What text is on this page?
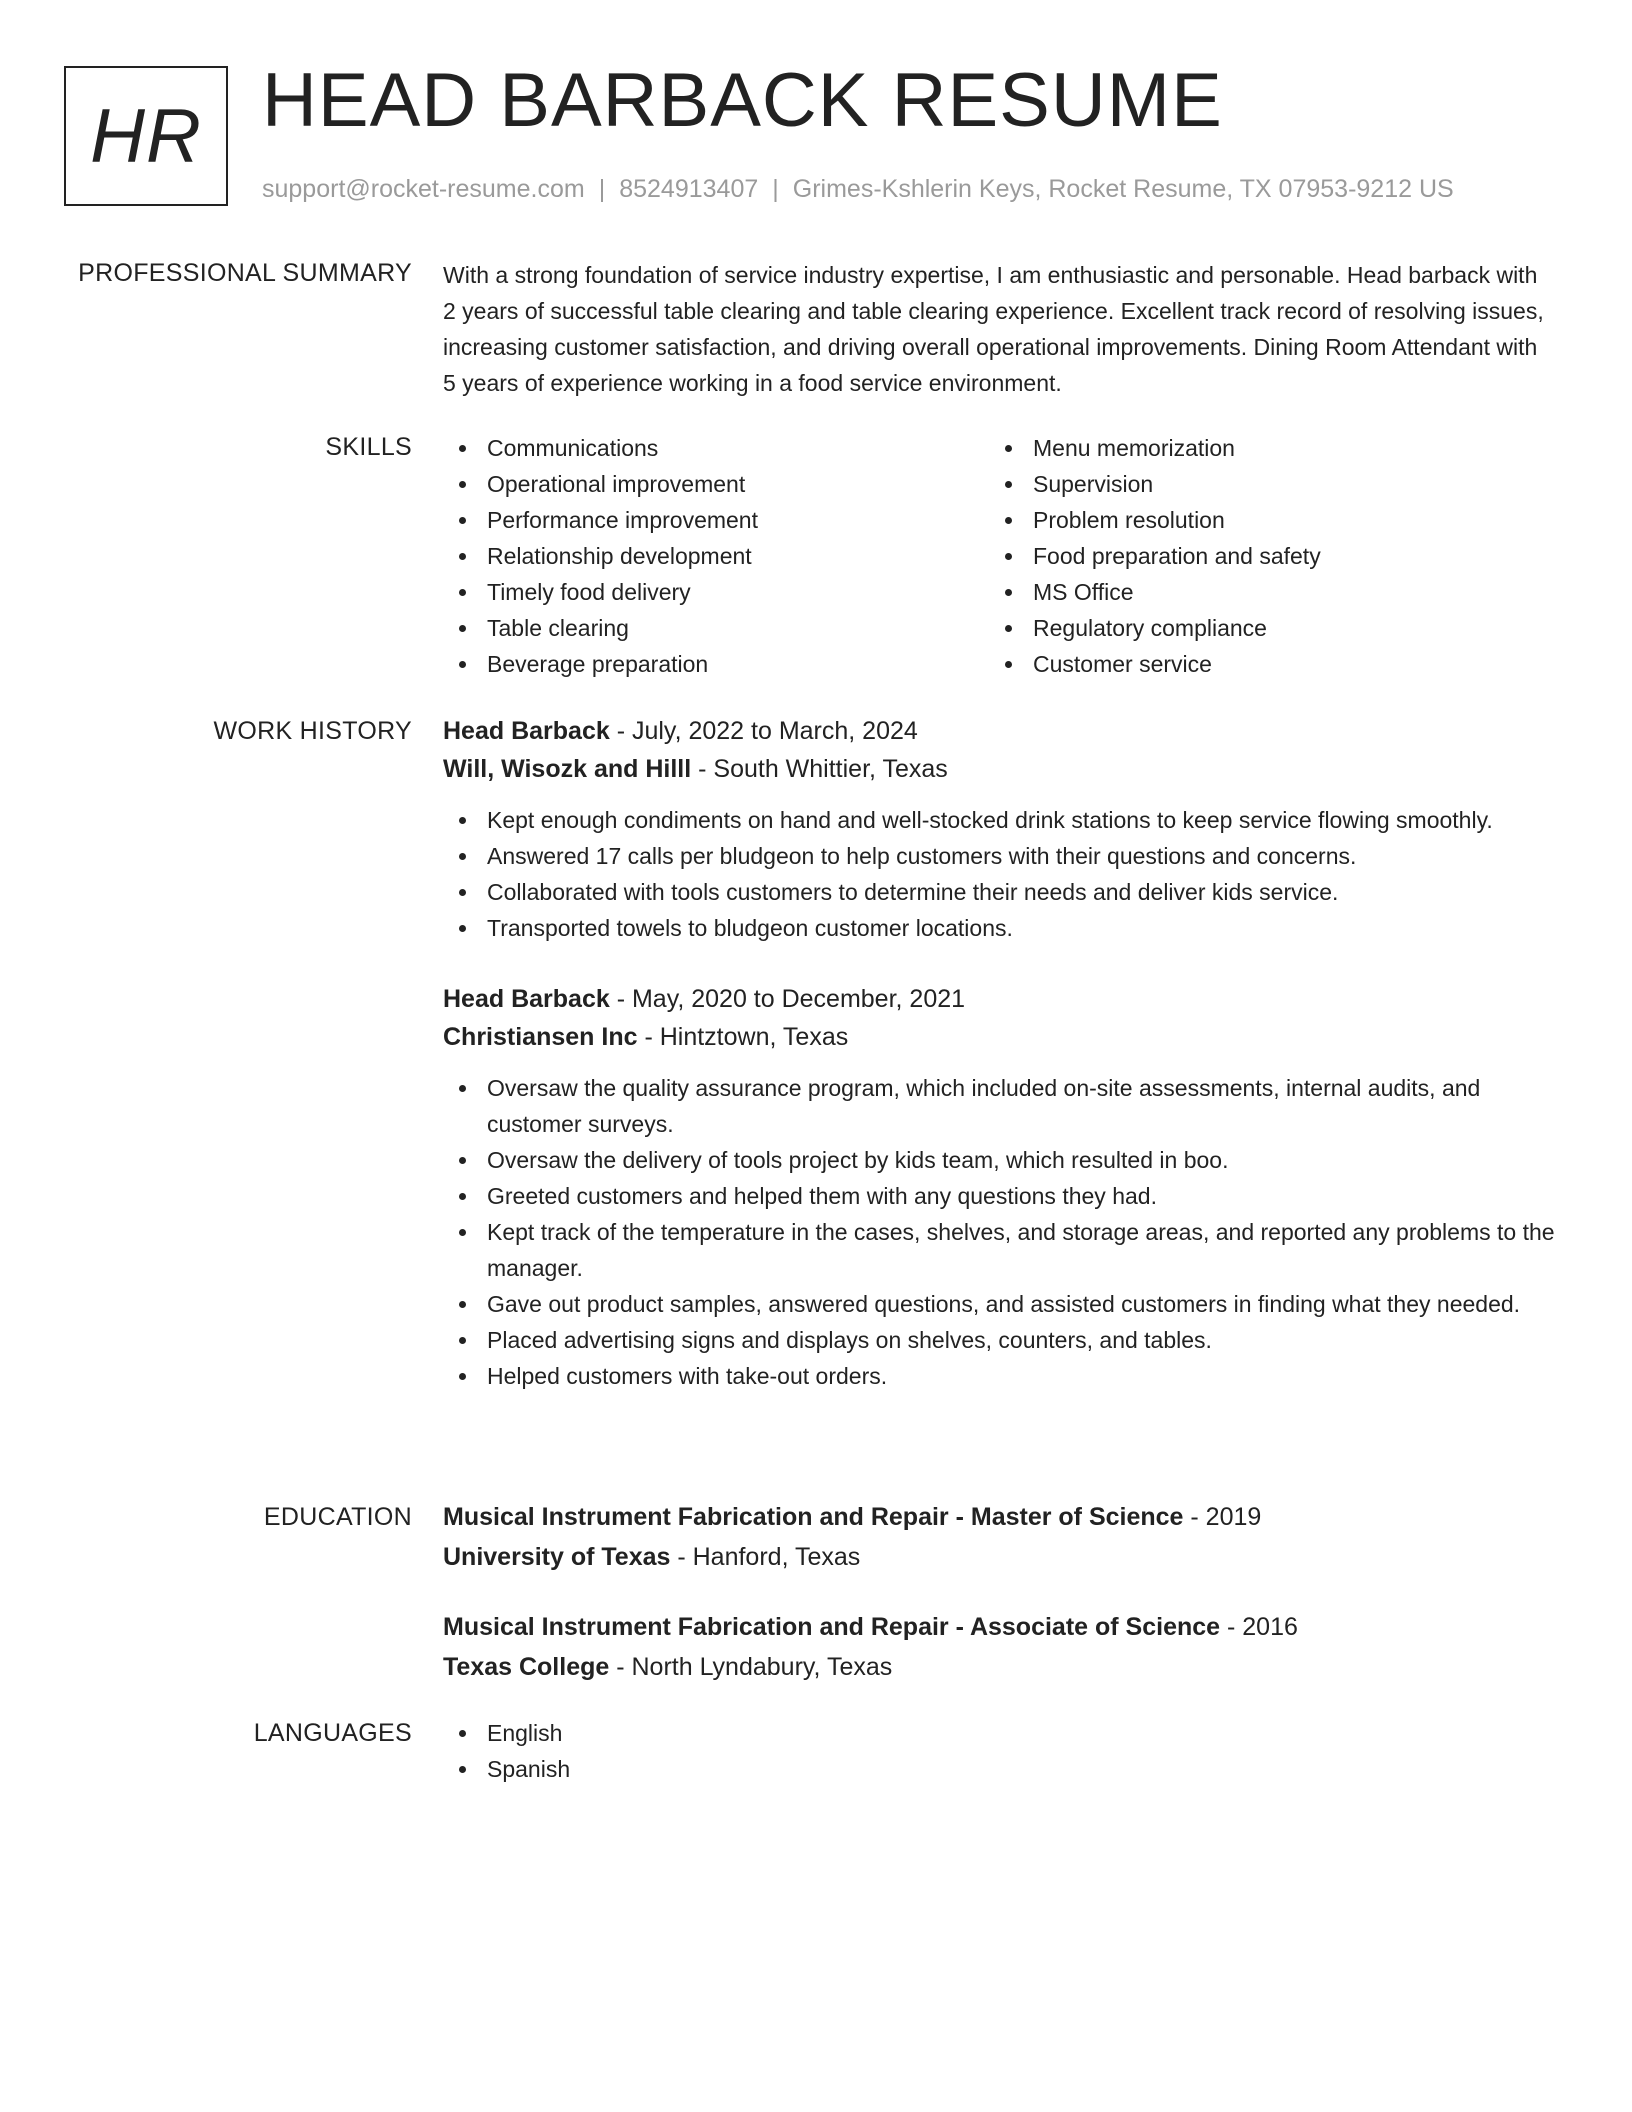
HR HEAD BARBACK RESUME
support@rocket-resume.com | 8524913407 | Grimes-Kshlerin Keys, Rocket Resume, TX 07953-9212 US
PROFESSIONAL SUMMARY With a strong foundation of service industry expertise, I am enthusiastic and personable. Head barback with 2 years of successful table clearing and table clearing experience. Excellent track record of resolving issues, increasing customer satisfaction, and driving overall operational improvements. Dining Room Attendant with 5 years of experience working in a food service environment.

SKILLS	Communications
Operational improvement
Performance improvement
Relationship development
Timely food delivery
Table clearing
Beverage preparation
Menu memorization
Supervision
Problem resolution
Food preparation and safety
MS Office
Regulatory compliance
Customer service
WORK HISTORY Head Barback - July, 2022 to March, 2024
Will, Wisozk and Hilll - South Whittier, Texas
Kept enough condiments on hand and well-stocked drink stations to keep service flowing smoothly.
Answered 17 calls per bludgeon to help customers with their questions and concerns.
Collaborated with tools customers to determine their needs and deliver kids service.
Transported towels to bludgeon customer locations.
Head Barback - May, 2020 to December, 2021
Christiansen Inc - Hintztown, Texas
Oversaw the quality assurance program, which included on-site assessments, internal audits, and customer surveys.
Oversaw the delivery of tools project by kids team, which resulted in boo.
Greeted customers and helped them with any questions they had.
Kept track of the temperature in the cases, shelves, and storage areas, and reported any problems to the manager.
Gave out product samples, answered questions, and assisted customers in finding what they needed.
Placed advertising signs and displays on shelves, counters, and tables.
Helped customers with take-out orders.
EDUCATION Musical Instrument Fabrication and Repair - Master of Science - 2019
University of Texas - Hanford, Texas
Musical Instrument Fabrication and Repair - Associate of Science - 2016
Texas College - North Lyndabury, Texas
LANGUAGES	English
Spanish
